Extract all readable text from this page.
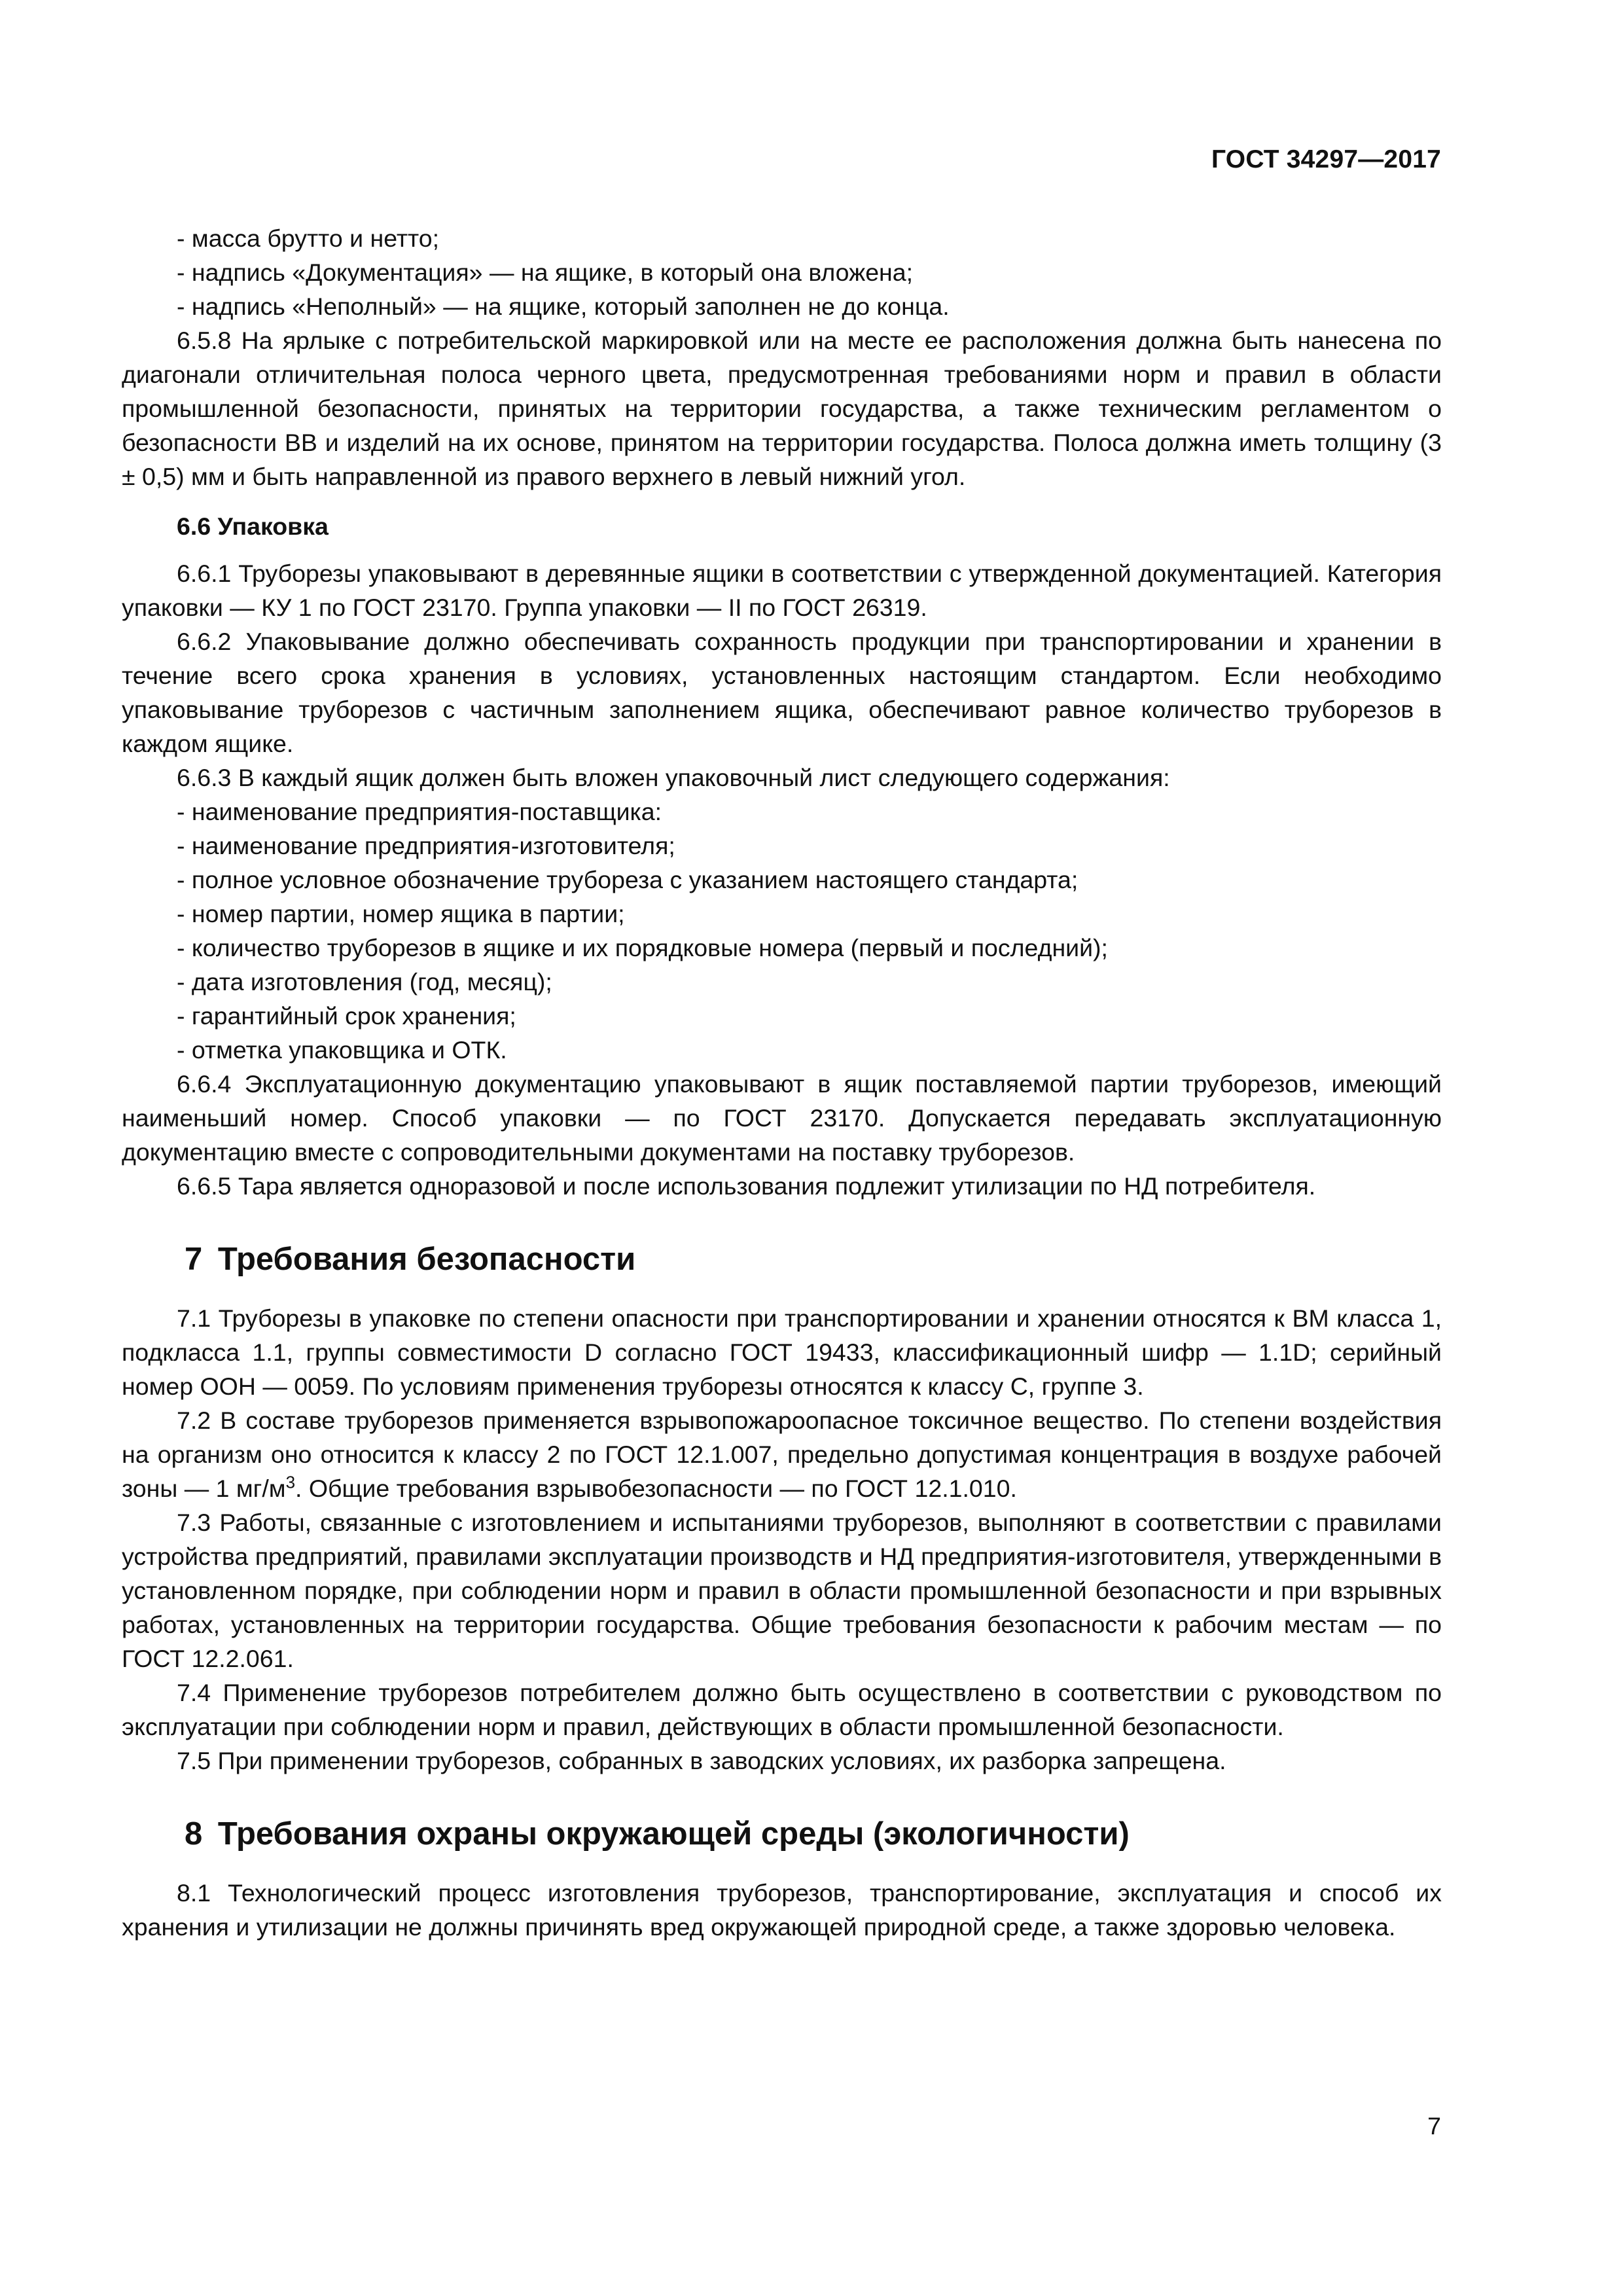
ГОСТ 34297—2017

- масса брутто и нетто;

- надпись «Документация» — на ящике, в который она вложена;

- надпись «Неполный» — на ящике, который заполнен не до конца.

6.5.8 На ярлыке с потребительской маркировкой или на месте ее расположения должна быть нанесена по диагонали отличительная полоса черного цвета, предусмотренная требованиями норм и правил в области промышленной безопасности, принятых на территории государства, а также техническим регламентом о безопасности ВВ и изделий на их основе, принятом на территории государства. Полоса должна иметь толщину (3 ± 0,5) мм и быть направленной из правого верхнего в левый нижний угол.

6.6 Упаковка

6.6.1 Труборезы упаковывают в деревянные ящики в соответствии с утвержденной документацией. Категория упаковки — КУ 1 по ГОСТ 23170. Группа упаковки — II по ГОСТ 26319.

6.6.2 Упаковывание должно обеспечивать сохранность продукции при транспортировании и хранении в течение всего срока хранения в условиях, установленных настоящим стандартом. Если необходимо упаковывание труборезов с частичным заполнением ящика, обеспечивают равное количество труборезов в каждом ящике.

6.6.3 В каждый ящик должен быть вложен упаковочный лист следующего содержания:

- наименование предприятия-поставщика:

- наименование предприятия-изготовителя;

- полное условное обозначение трубореза с указанием настоящего стандарта;

- номер партии, номер ящика в партии;

- количество труборезов в ящике и их порядковые номера (первый и последний);

- дата изготовления (год, месяц);

- гарантийный срок хранения;

- отметка упаковщика и ОТК.

6.6.4 Эксплуатационную документацию упаковывают в ящик поставляемой партии труборезов, имеющий наименьший номер. Способ упаковки — по ГОСТ 23170. Допускается передавать эксплуатационную документацию вместе с сопроводительными документами на поставку труборезов.

6.6.5 Тара является одноразовой и после использования подлежит утилизации по НД потребителя.

7 Требования безопасности

7.1 Труборезы в упаковке по степени опасности при транспортировании и хранении относятся к ВМ класса 1, подкласса 1.1, группы совместимости D согласно ГОСТ 19433, классификационный шифр — 1.1D; серийный номер ООН — 0059. По условиям применения труборезы относятся к классу С, группе 3.

7.2 В составе труборезов применяется взрывопожароопасное токсичное вещество. По степени воздействия на организм оно относится к классу 2 по ГОСТ 12.1.007, предельно допустимая концентрация в воздухе рабочей зоны — 1 $мг/м^3$. Общие требования взрывобезопасности — по ГОСТ 12.1.010.

7.3 Работы, связанные с изготовлением и испытаниями труборезов, выполняют в соответствии с правилами устройства предприятий, правилами эксплуатации производств и НД предприятия-изготовителя, утвержденными в установленном порядке, при соблюдении норм и правил в области промышленной безопасности и при взрывных работах, установленных на территории государства. Общие требования безопасности к рабочим местам — по ГОСТ 12.2.061.

7.4 Применение труборезов потребителем должно быть осуществлено в соответствии с руководством по эксплуатации при соблюдении норм и правил, действующих в области промышленной безопасности.

7.5 При применении труборезов, собранных в заводских условиях, их разборка запрещена.

8 Требования охраны окружающей среды (экологичности)

8.1 Технологический процесс изготовления труборезов, транспортирование, эксплуатация и способ их хранения и утилизации не должны причинять вред окружающей природной среде, а также здоровью человека.

7
